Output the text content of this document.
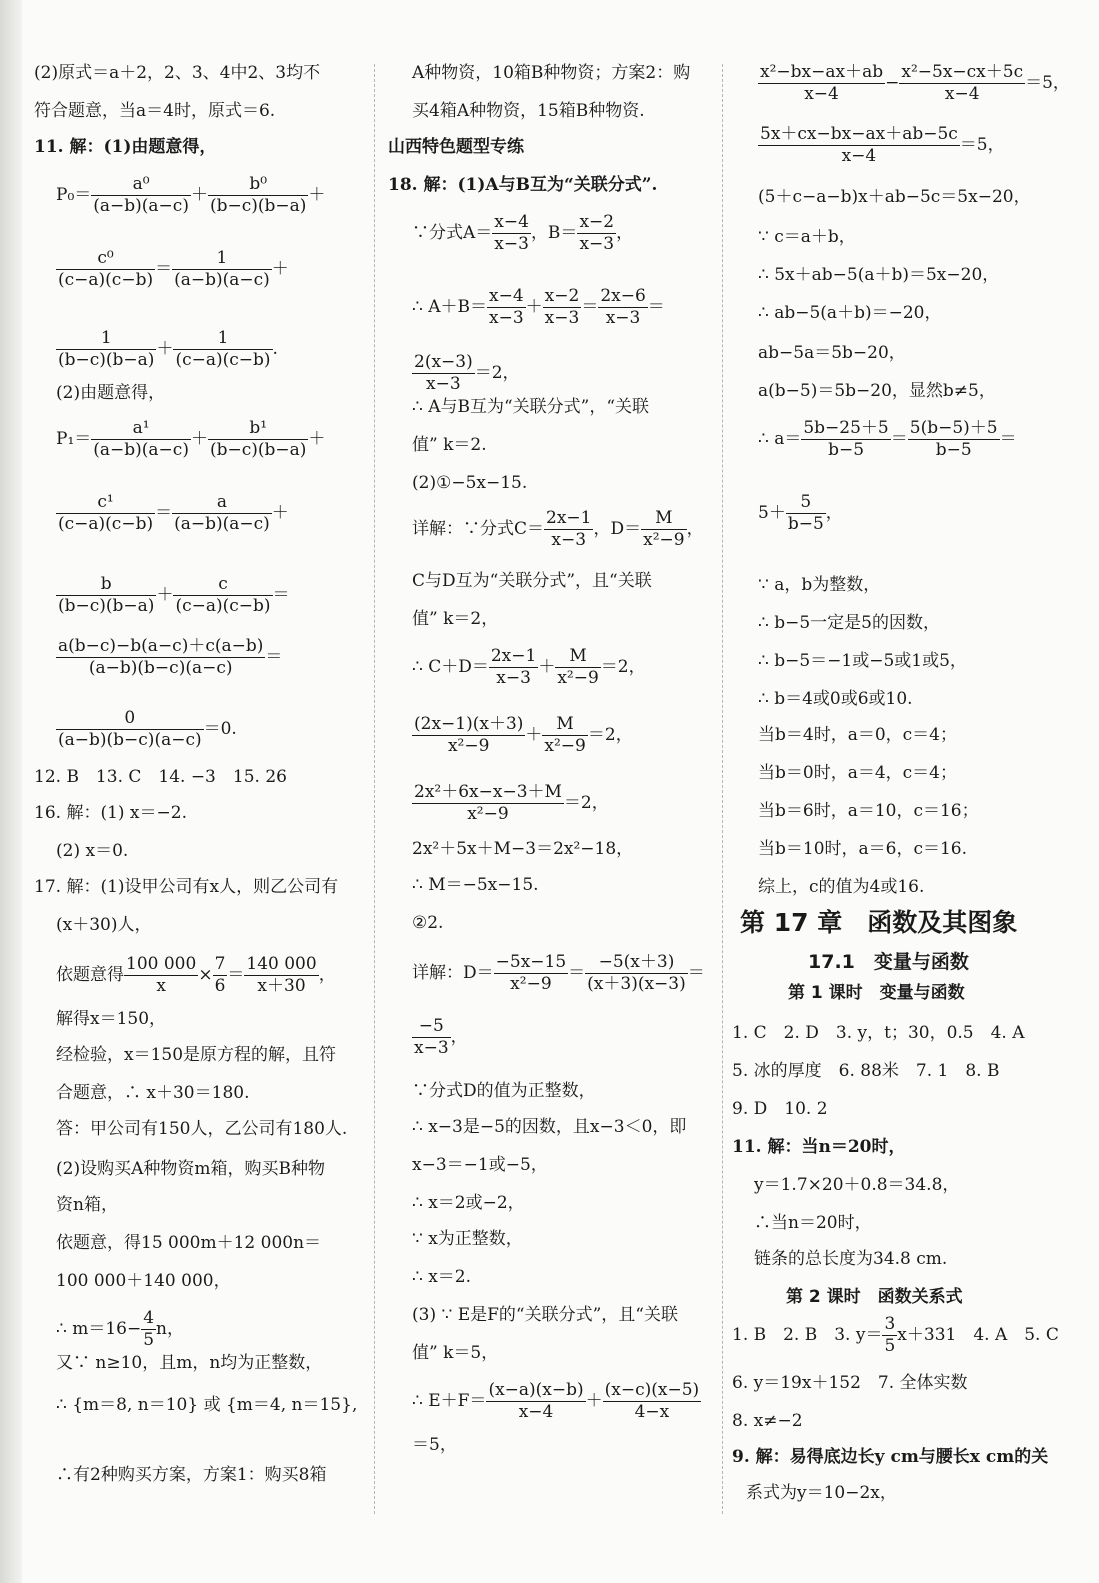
(2)原式＝a＋2，2、3、4中2、3均不
符合题意，当a＝4时，原式＝6.
11. 解：(1)由题意得，
$P_0= \frac{\text{a⁰}}{(a-b)(a-c)} + \frac{\text{b⁰}}{(b-c)(b-a)}$ ＋
$\frac{\text{c⁰}}{(c-a)(c-b)} = \frac{1}{(a-b)(a-c)}$ ＋
$\frac{1}{(b-c)(b-a)} + \frac{1}{(c-a)(c-b)}$ .
(2)由题意得，
$P_1= \frac{\text{a¹}}{(a-b)(a-c)} + \frac{\text{b¹}}{(b-c)(b-a)}$ ＋
$\frac{\text{c¹}}{(c-a)(c-b)} = \frac{a}{(a-b)(a-c)}$ ＋
$\frac{b}{(b-c)(b-a)} + \frac{c}{(c-a)(c-b)}$ ＝
$\frac{a(b-c)-b(a-c)+c(a-b)}{(a-b)(b-c)(a-c)}$ ＝
$\frac{0}{(a-b)(b-c)(a-c)} =0$.
12. B　13. C　14. −3　15. 26
16. 解：(1) x＝−2.
(2) x＝0.
17. 解：(1)设甲公司有x人，则乙公司有
(x＋30)人，
依题意得 $\frac{100 000}{x} \times \frac{7}{6} = \frac{140 000}{x+30}$ ，
解得x＝150，
经检验，x＝150是原方程的解，且符
合题意，∴ x＋30＝180.
答：甲公司有150人，乙公司有180人.
(2)设购买A种物资m箱，购买B种物
资n箱，
依题意，得15 000m＋12 000n＝
100 000＋140 000，
∴ $m=16- \frac{4}{5}$ n，
又∵ n≥10，且m，n均为正整数，
∴ {m＝8, n＝10} 或 {m＝4, n＝15},
∴有2种购买方案，方案1：购买8箱
A种物资，10箱B种物资；方案2：购
买4箱A种物资，15箱B种物资.
山西特色题型专练
18. 解：(1)A与B互为“关联分式”.
∵分式$A= \frac{x-4}{x-3}$ ，$B= \frac{x-2}{x-3}$ ，
∴ $A+B= \frac{x-4}{x-3} + \frac{x-2}{x-3} = \frac{2x-6}{x-3}$ ＝
$\frac{2(x-3)}{x-3} =2$，
∴ A与B互为“关联分式”，“关联
值” k＝2.
(2)①−5x−15.
详解：∵分式$C= \frac{2x-1}{x-3}$ ，$D= \frac{M}{\text{x²−9}}$ ，
C与D互为“关联分式”，且“关联
值” k＝2，
∴ $C+D= \frac{2x-1}{x-3} + \frac{M}{\text{x²−9}} =2$，
$\frac{(2x-1)(x+3)}{\text{x²−9}} + \frac{M}{\text{x²−9}} =2$，
$\frac{\text{2x²＋6x−x−3＋M}}{\text{x²−9}} =2$，
2x²＋5x＋M−3＝2x²−18，
∴ M＝−5x−15.
②2.
详解：$D= \frac{-5x-15}{\text{x²−9}} = \frac{-5(x+3)}{(x+3)(x-3)}$ ＝
$\frac{-5}{x-3}$ ，
∵分式D的值为正整数，
∴ x−3是−5的因数，且x−3＜0，即
x−3＝−1或−5，
∴ x＝2或−2，
∵ x为正整数，
∴ x＝2.
(3) ∵ E是F的“关联分式”，且“关联
值” k＝5，
∴ $E+F= \frac{(x-a)(x-b)}{x-4} + \frac{(x-c)(x-5)}{4-x}$
＝5，
$\frac{\text{x²−bx−ax＋ab}}{x-4} - \frac{\text{x²−5x−cx＋5c}}{x-4} =5$，
$\frac{5x+cx-bx-ax+ab-5c}{x-4} =5$，
(5＋c−a−b)x＋ab−5c＝5x−20，
∵ c＝a＋b，
∴ 5x＋ab−5(a＋b)＝5x−20，
∴ ab−5(a＋b)＝−20，
ab−5a＝5b−20，
a(b−5)＝5b−20，显然b≠5，
∴ $a= \frac{5b-25+5}{b-5} = \frac{5(b-5)+5}{b-5}$ ＝
$5+ \frac{5}{b-5}$ ，
∵ a，b为整数，
∴ b−5一定是5的因数，
∴ b−5＝−1或−5或1或5，
∴ b＝4或0或6或10.
当b＝4时，a＝0，c＝4；
当b＝0时，a＝4，c＝4；
当b＝6时，a＝10，c＝16；
当b＝10时，a＝6，c＝16.
综上，c的值为4或16.
第 17 章　函数及其图象
17.1　变量与函数
第 1 课时　变量与函数
1. C　2. D　3. y，t；30，0.5　4. A
5. 冰的厚度　6. 88米　7. 1　8. B
9. D　10. 2
11. 解：当n＝20时，
y＝1.7×20＋0.8＝34.8，
∴当n＝20时，
链条的总长度为34.8 cm.
第 2 课时　函数关系式
1. B　2. B　3. $y= \frac{3}{5} x+331$　4. A　5. C
6. y＝19x＋152　7. 全体实数
8. x≠−2
9. 解：易得底边长y cm与腰长x cm的关
系式为y＝10−2x，
